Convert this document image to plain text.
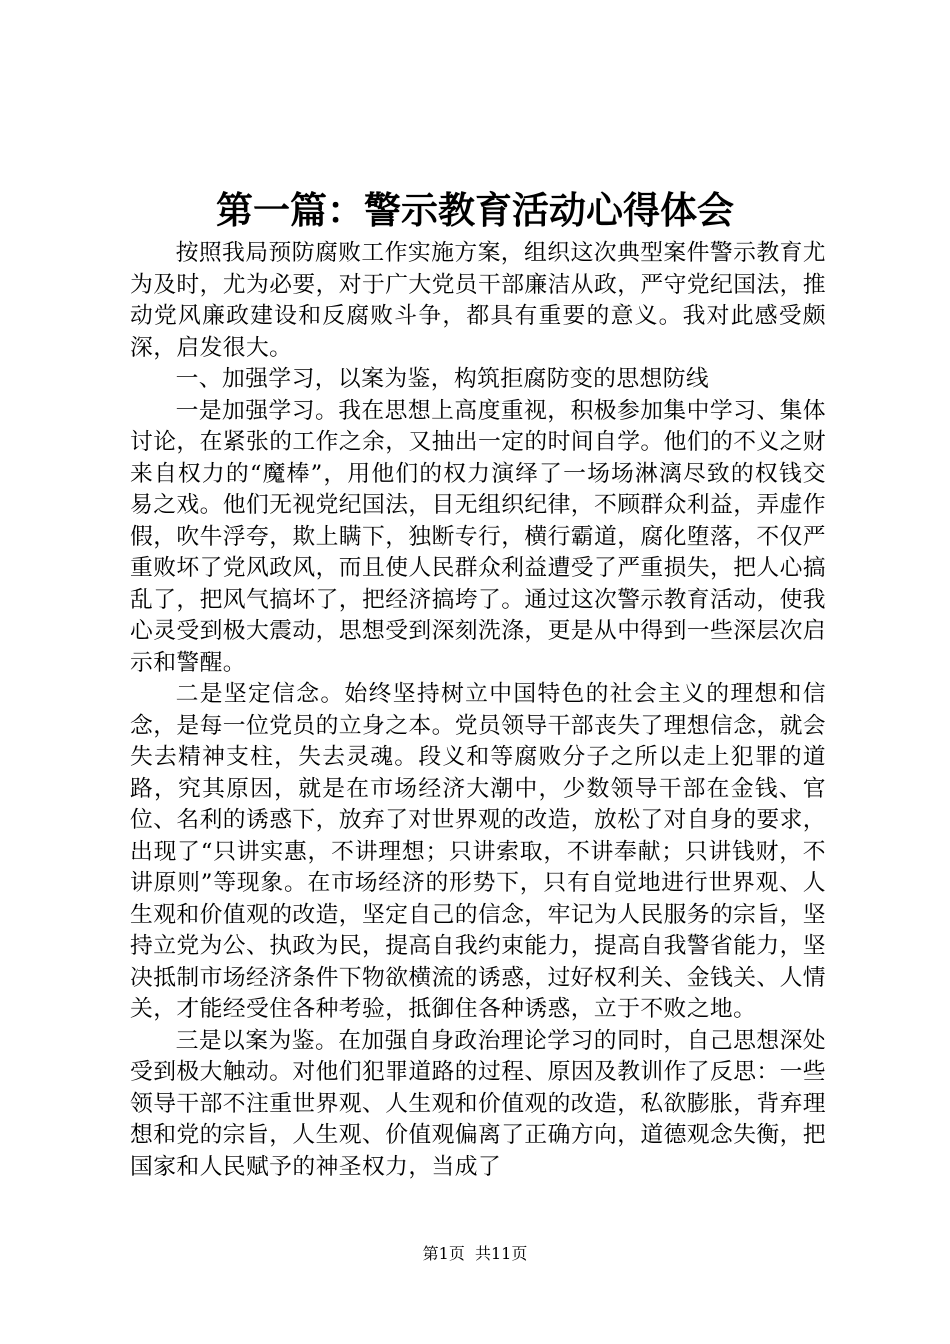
第一篇：警示教育活动心得体会

按照我局预防腐败工作实施方案，组织这次典型案件警示教育尤为及时，尤为必要，对于广大党员干部廉洁从政，严守党纪国法，推动党风廉政建设和反腐败斗争，都具有重要的意义。我对此感受颇深，启发很大。

一、加强学习，以案为鉴，构筑拒腐防变的思想防线

一是加强学习。我在思想上高度重视，积极参加集中学习、集体讨论，在紧张的工作之余，又抽出一定的时间自学。他们的不义之财来自权力的“魔棒”，用他们的权力演绎了一场场淋漓尽致的权钱交易之戏。他们无视党纪国法，目无组织纪律，不顾群众利益，弄虚作假，吹牛浮夸，欺上瞒下，独断专行，横行霸道，腐化堕落，不仅严重败坏了党风政风，而且使人民群众利益遭受了严重损失，把人心搞乱了，把风气搞坏了，把经济搞垮了。通过这次警示教育活动，使我心灵受到极大震动，思想受到深刻洗涤，更是从中得到一些深层次启示和警醒。

二是坚定信念。始终坚持树立中国特色的社会主义的理想和信念，是每一位党员的立身之本。党员领导干部丧失了理想信念，就会失去精神支柱，失去灵魂。段义和等腐败分子之所以走上犯罪的道路，究其原因，就是在市场经济大潮中，少数领导干部在金钱、官位、名利的诱惑下，放弃了对世界观的改造，放松了对自身的要求，出现了“只讲实惠，不讲理想；只讲索取，不讲奉献；只讲钱财，不讲原则”等现象。在市场经济的形势下，只有自觉地进行世界观、人生观和价值观的改造，坚定自己的信念，牢记为人民服务的宗旨，坚持立党为公、执政为民，提高自我约束能力，提高自我警省能力，坚决抵制市场经济条件下物欲横流的诱惑，过好权利关、金钱关、人情关，才能经受住各种考验，抵御住各种诱惑，立于不败之地。

三是以案为鉴。在加强自身政治理论学习的同时，自己思想深处受到极大触动。对他们犯罪道路的过程、原因及教训作了反思：一些领导干部不注重世界观、人生观和价值观的改造，私欲膨胀，背弃理想和党的宗旨，人生观、价值观偏离了正确方向，道德观念失衡，把国家和人民赋予的神圣权力，当成了

第1页  共11页
